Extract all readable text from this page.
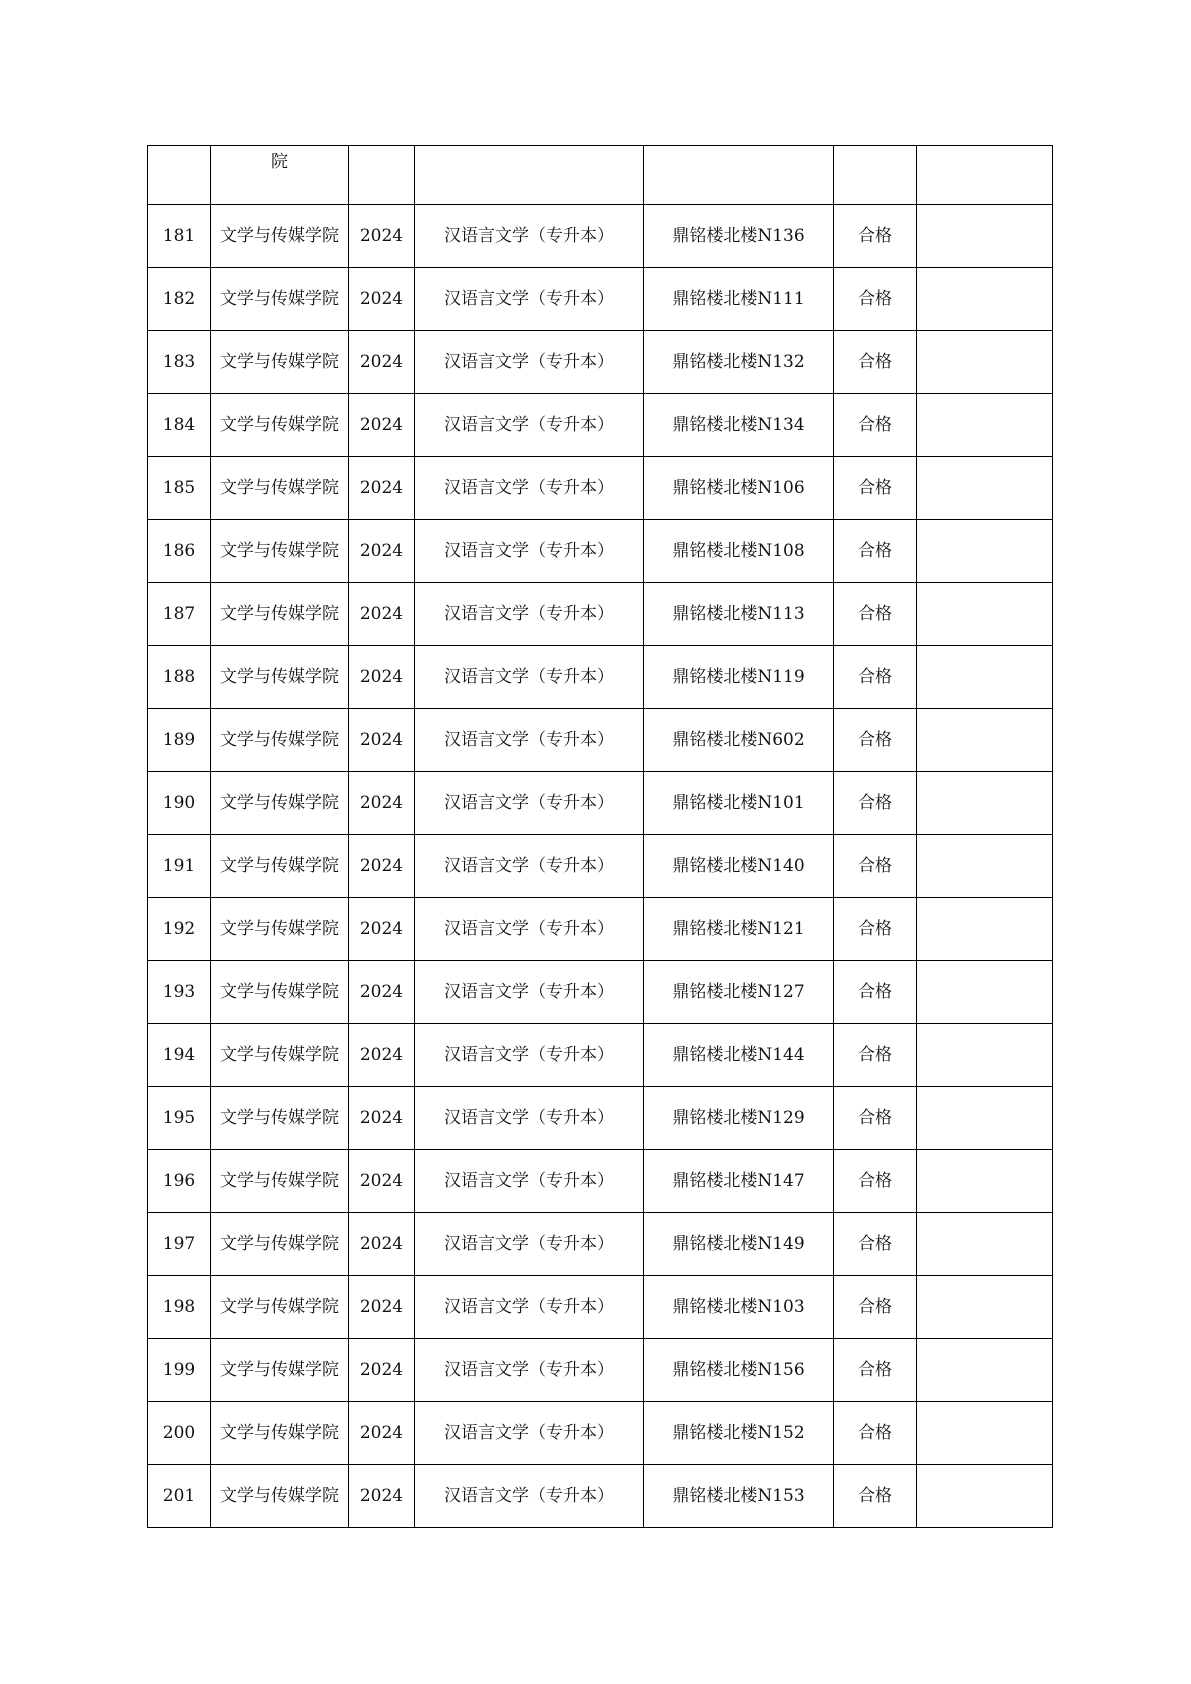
	院					
181	文学与传媒学院	2024	汉语言文学（专升本）	鼎铭楼北楼N136	合格	
182	文学与传媒学院	2024	汉语言文学（专升本）	鼎铭楼北楼N111	合格	
183	文学与传媒学院	2024	汉语言文学（专升本）	鼎铭楼北楼N132	合格	
184	文学与传媒学院	2024	汉语言文学（专升本）	鼎铭楼北楼N134	合格	
185	文学与传媒学院	2024	汉语言文学（专升本）	鼎铭楼北楼N106	合格	
186	文学与传媒学院	2024	汉语言文学（专升本）	鼎铭楼北楼N108	合格	
187	文学与传媒学院	2024	汉语言文学（专升本）	鼎铭楼北楼N113	合格	
188	文学与传媒学院	2024	汉语言文学（专升本）	鼎铭楼北楼N119	合格	
189	文学与传媒学院	2024	汉语言文学（专升本）	鼎铭楼北楼N602	合格	
190	文学与传媒学院	2024	汉语言文学（专升本）	鼎铭楼北楼N101	合格	
191	文学与传媒学院	2024	汉语言文学（专升本）	鼎铭楼北楼N140	合格	
192	文学与传媒学院	2024	汉语言文学（专升本）	鼎铭楼北楼N121	合格	
193	文学与传媒学院	2024	汉语言文学（专升本）	鼎铭楼北楼N127	合格	
194	文学与传媒学院	2024	汉语言文学（专升本）	鼎铭楼北楼N144	合格	
195	文学与传媒学院	2024	汉语言文学（专升本）	鼎铭楼北楼N129	合格	
196	文学与传媒学院	2024	汉语言文学（专升本）	鼎铭楼北楼N147	合格	
197	文学与传媒学院	2024	汉语言文学（专升本）	鼎铭楼北楼N149	合格	
198	文学与传媒学院	2024	汉语言文学（专升本）	鼎铭楼北楼N103	合格	
199	文学与传媒学院	2024	汉语言文学（专升本）	鼎铭楼北楼N156	合格	
200	文学与传媒学院	2024	汉语言文学（专升本）	鼎铭楼北楼N152	合格	
201	文学与传媒学院	2024	汉语言文学（专升本）	鼎铭楼北楼N153	合格	
